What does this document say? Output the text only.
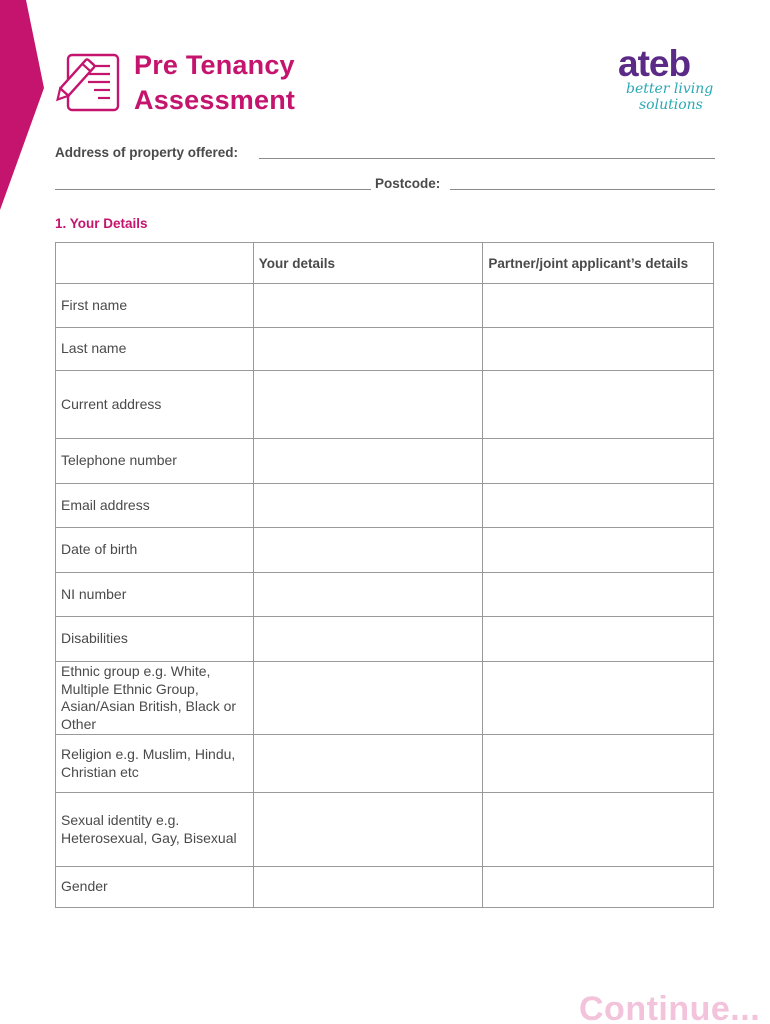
Pre Tenancy
Assessment
ateb
better living
solutions
Address of property offered:
Postcode:
1. Your Details
	Your details	Partner/joint applicant’s details
First name		
Last name		
Current address		
Telephone number		
Email address		
Date of birth		
NI number		
Disabilities		
Ethnic group e.g. White, Multiple Ethnic Group, Asian/Asian British, Black or Other		
Religion e.g. Muslim, Hindu, Christian etc		
Sexual identity e.g. Heterosexual, Gay, Bisexual		
Gender		
Continue...
